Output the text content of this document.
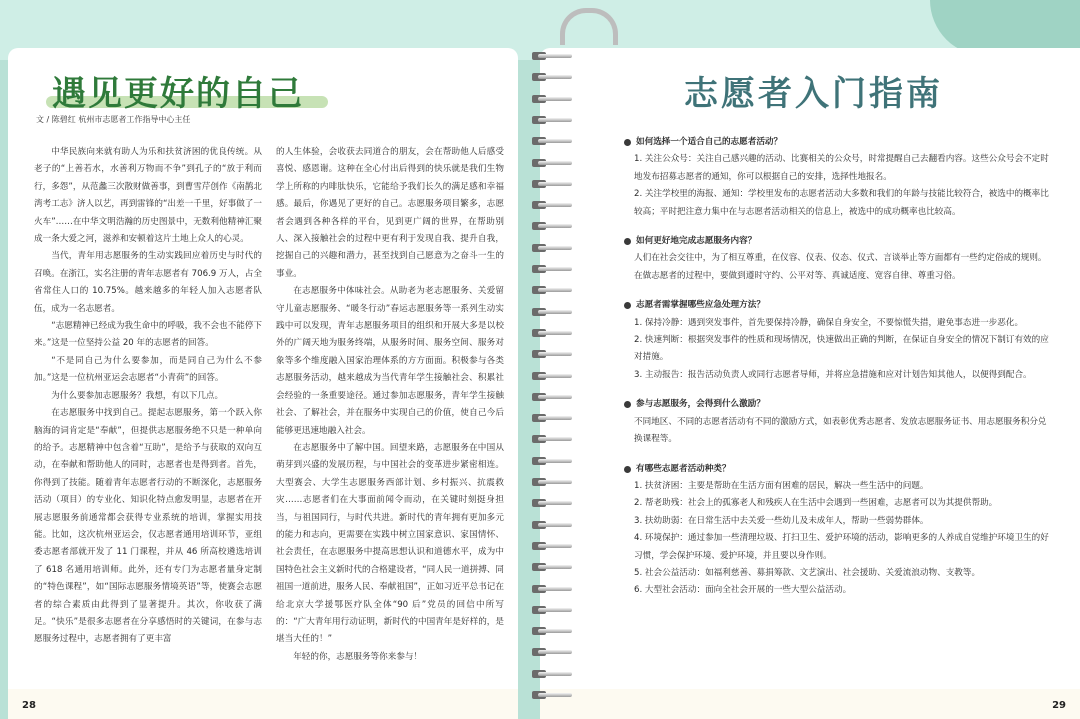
遇见更好的自己
文 / 陈碧红 杭州市志愿者工作指导中心主任

中华民族向来就有助人为乐和扶贫济困的优良传统。从老子的“上善若水，水善利万物而不争”到孔子的“放于利而行，多怨”，从范蠡三次散财做善事，到曹雪芹创作《南鹊北湾考工志》济人以艺，再到雷锋的“出差一千里，好事做了一火车”……在中华文明浩瀚的历史图景中，无数利他精神汇聚成一条大爱之河，滋养和安顿着这片土地上众人的心灵。

当代，青年用志愿服务的生动实践回应着历史与时代的召唤。在浙江，实名注册的青年志愿者有 706.9 万人，占全省常住人口的 10.75%。越来越多的年轻人加入志愿者队伍，成为一名志愿者。

“志愿精神已经成为我生命中的呼吸，我不会也不能停下来。”这是一位坚持公益 20 年的志愿者的回答。

“不是同自己为什么要参加，而是同自己为什么不参加。”这是一位杭州亚运会志愿者“小青荷”的回答。

为什么要参加志愿服务？我想，有以下几点。

在志愿服务中找到自己。提起志愿服务，第一个跃入你脑海的词肯定是“奉献”，但提供志愿服务绝不只是一种单向的给予。志愿精神中包含着“互助”，是给予与获取的双向互动，在奉献和帮助他人的同时，志愿者也是得到者。首先，你得到了技能。随着青年志愿者行动的不断深化，志愿服务活动（项目）的专业化、知识化特点愈发明显，志愿者在开展志愿服务前通常都会获得专业系统的培训，掌握实用技能。比如，这次杭州亚运会，仅志愿者通用培训环节，亚组委志愿者部就开发了 11 门课程，并从 46 所高校遴选培训了 618 名通用培训师。此外，还有专门为志愿者量身定制的“特色课程”，如“国际志愿服务情境英语”等，使赛会志愿者的综合素质由此得到了显著提升。其次，你收获了满足。“快乐”是很多志愿者在分享感悟时的关键词，在参与志愿服务过程中，志愿者拥有了更丰富

的人生体验，会收获去同道合的朋友，会在帮助他人后感受喜悦、感恩谢。这种在全心付出后得到的快乐就是我们生物学上所称的内啡肽快乐，它能给予我们长久的满足感和幸福感。最后，你遇见了更好的自己。志愿服务项目繁多，志愿者会遇到各种各样的平台，见到更广阔的世界，在帮助别人、深入接触社会的过程中更有利于发现自我、提升自我，挖掘自己的兴趣和潜力，甚至找到自己愿意为之奋斗一生的事业。

在志愿服务中体味社会。从助老为老志愿服务、关爱留守儿童志愿服务、“暖冬行动”春运志愿服务等一系列生动实践中可以发现，青年志愿服务项目的组织和开展大多是以校外的广阔天地为服务终端，从服务时间、服务空间、服务对象等多个维度融入国家治理体系的方方面面。积极参与各类志愿服务活动，越来越成为当代青年学生接触社会、积累社会经验的一条重要途径。通过参加志愿服务，青年学生接触社会、了解社会，并在服务中实现自己的价值，使自己今后能够更迅速地融入社会。

在志愿服务中了解中国。回望来路，志愿服务在中国从萌芽到兴盛的发展历程，与中国社会的变革进步紧密相连。大型赛会、大学生志愿服务西部计划、乡村振兴、抗震救灾……志愿者们在大事面前闻令而动，在关键时刻挺身担当，与祖国同行，与时代共进。新时代的青年拥有更加多元的能力和志向，更需要在实践中树立国家意识、家国情怀、社会责任，在志愿服务中提高思想认识和道德水平，成为中国特色社会主义新时代的合格建设者，“同人民一道拼搏、同祖国一道前进，服务人民、奉献祖国”，正如习近平总书记在给北京大学援鄂医疗队全体“90 后”党员的回信中所写的：“广大青年用行动证明，新时代的中国青年是好样的，是堪当大任的！”

年轻的你，志愿服务等你来参与！

28
志愿者入门指南
如何选择一个适合自己的志愿者活动？
1. 关注公众号：关注自己感兴趣的活动、比赛相关的公众号，时常提醒自己去翻看内容。这些公众号会不定时地发布招募志愿者的通知，你可以根据自己的安排，选择性地报名。
2. 关注学校里的海报、通知：学校里发布的志愿者活动大多数和我们的年龄与技能比较符合，被选中的概率比较高；平时把注意力集中在与志愿者活动相关的信息上，被选中的成功概率也比较高。
如何更好地完成志愿服务内容？
人们在社会交往中，为了相互尊重，在仪容、仪表、仪态、仪式、言谈举止等方面都有一些约定俗成的规则。在做志愿者的过程中，要做到遵时守约、公平对等、真诚适度、宽容自律、尊重习俗。
志愿者需掌握哪些应急处理方法？
1. 保持冷静：遇到突发事件，首先要保持冷静，确保自身安全，不要惊慌失措，避免事态进一步恶化。
2. 快速判断：根据突发事件的性质和现场情况，快速做出正确的判断，在保证自身安全的情况下制订有效的应对措施。
3. 主动报告：报告活动负责人或同行志愿者导师，并将应急措施和应对计划告知其他人，以便得到配合。
参与志愿服务，会得到什么激励？
不同地区、不同的志愿者活动有不同的激励方式，如表彰优秀志愿者、发放志愿服务证书、用志愿服务积分兑换课程等。
有哪些志愿者活动种类？
1. 扶贫济困：主要是帮助在生活方面有困难的居民，解决一些生活中的问题。
2. 帮老助残：社会上的孤寡老人和残疾人在生活中会遇到一些困难，志愿者可以为其提供帮助。
3. 扶幼助弱：在日常生活中去关爱一些幼儿及未成年人，帮助一些弱势群体。
4. 环境保护：通过参加一些清理垃圾、打扫卫生、爱护环境的活动，影响更多的人养成自觉维护环境卫生的好习惯，学会保护环境、爱护环境，并且要以身作则。
5. 社会公益活动：如福利慈善、募捐筹款、文艺演出、社会援助、关爱流浪动物、支教等。
6. 大型社会活动：面向全社会开展的一些大型公益活动。
29
